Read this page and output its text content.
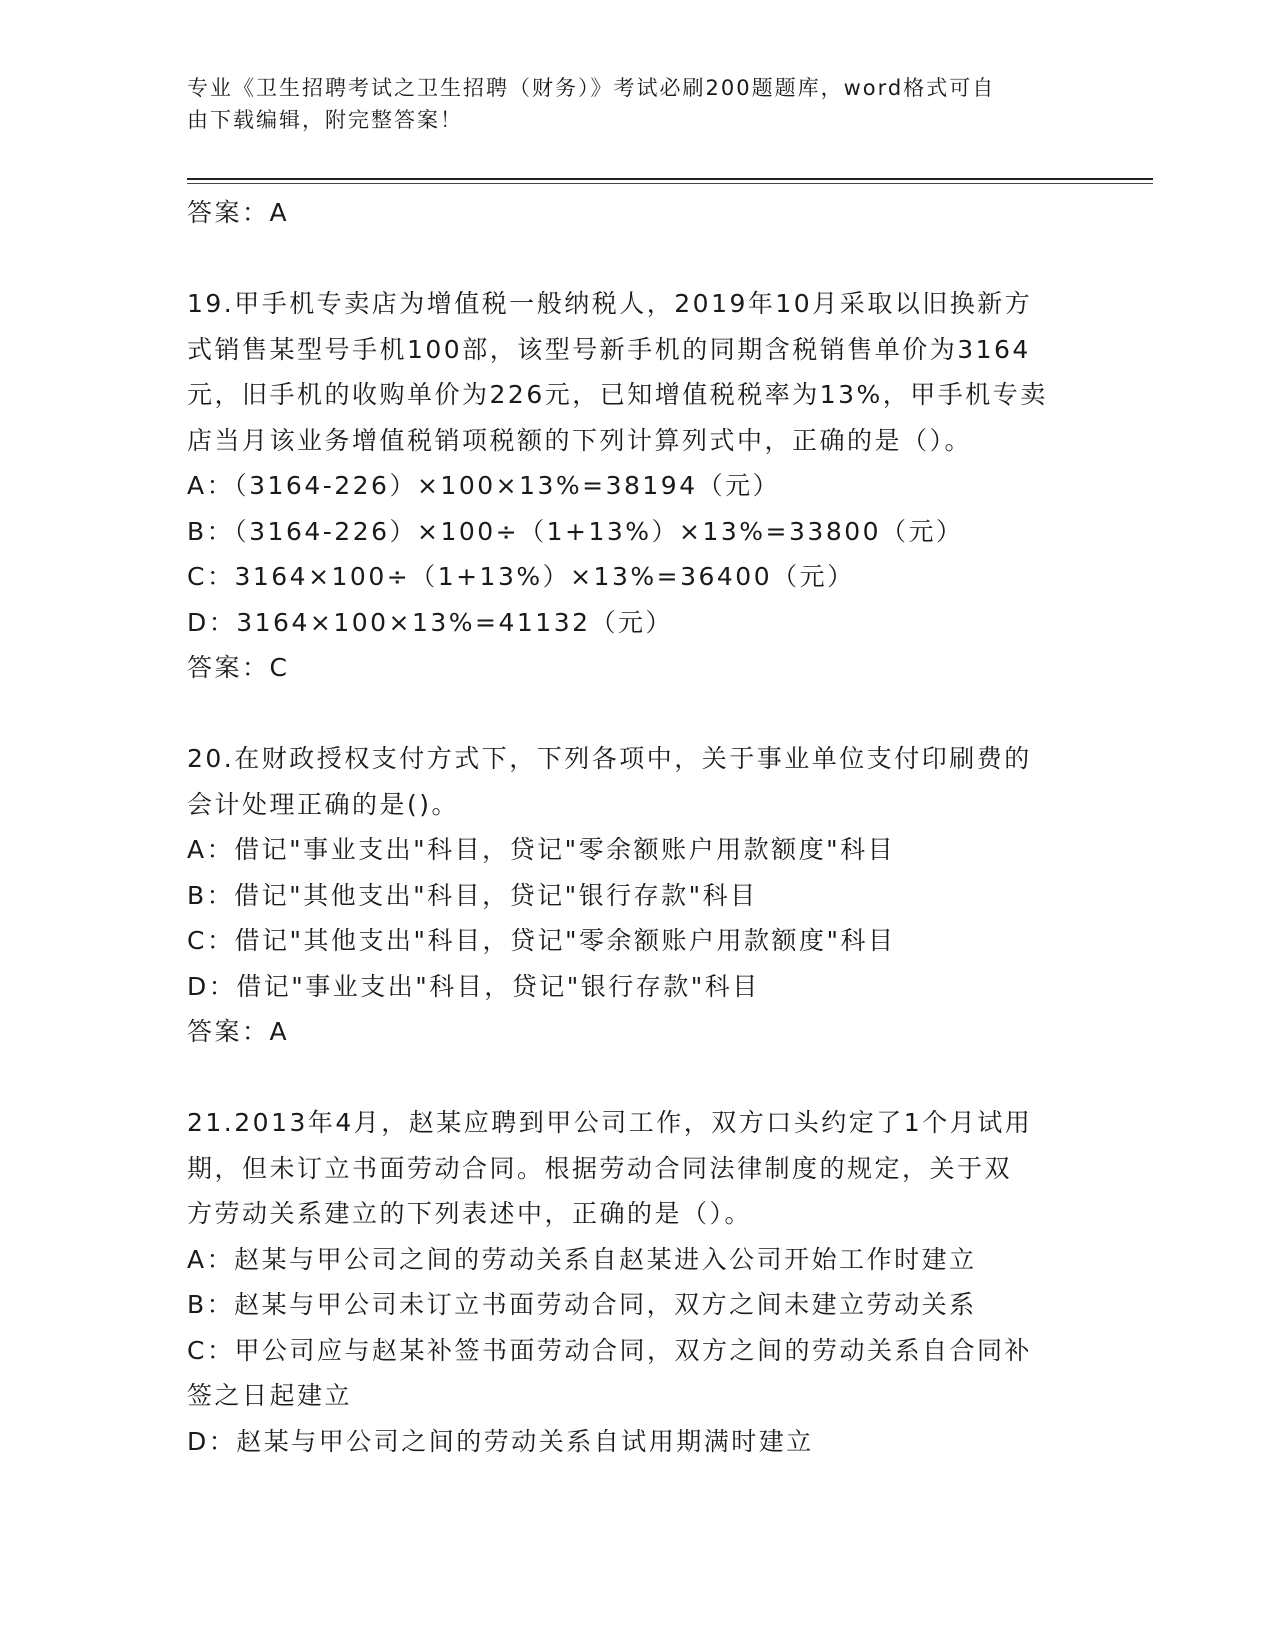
专业《卫生招聘考试之卫生招聘（财务）》考试必刷200题题库，word格式可自
由下载编辑，附完整答案！
答案：A
19.甲手机专卖店为增值税一般纳税人，2019年10月采取以旧换新方
式销售某型号手机100部，该型号新手机的同期含税销售单价为3164
元，旧手机的收购单价为226元，已知增值税税率为13%，甲手机专卖
店当月该业务增值税销项税额的下列计算列式中，正确的是（）。
A：（3164-226）×100×13%=38194（元）
B：（3164-226）×100÷（1+13%）×13%=33800（元）
C：3164×100÷（1+13%）×13%=36400（元）
D：3164×100×13%=41132（元）
答案：C
20.在财政授权支付方式下，下列各项中，关于事业单位支付印刷费的
会计处理正确的是()。
A：借记"事业支出"科目，贷记"零余额账户用款额度"科目
B：借记"其他支出"科目，贷记"银行存款"科目
C：借记"其他支出"科目，贷记"零余额账户用款额度"科目
D：借记"事业支出"科目，贷记"银行存款"科目
答案：A
21.2013年4月，赵某应聘到甲公司工作，双方口头约定了1个月试用
期，但未订立书面劳动合同。根据劳动合同法律制度的规定，关于双
方劳动关系建立的下列表述中，正确的是（）。
A：赵某与甲公司之间的劳动关系自赵某进入公司开始工作时建立
B：赵某与甲公司未订立书面劳动合同，双方之间未建立劳动关系
C：甲公司应与赵某补签书面劳动合同，双方之间的劳动关系自合同补
签之日起建立
D：赵某与甲公司之间的劳动关系自试用期满时建立
